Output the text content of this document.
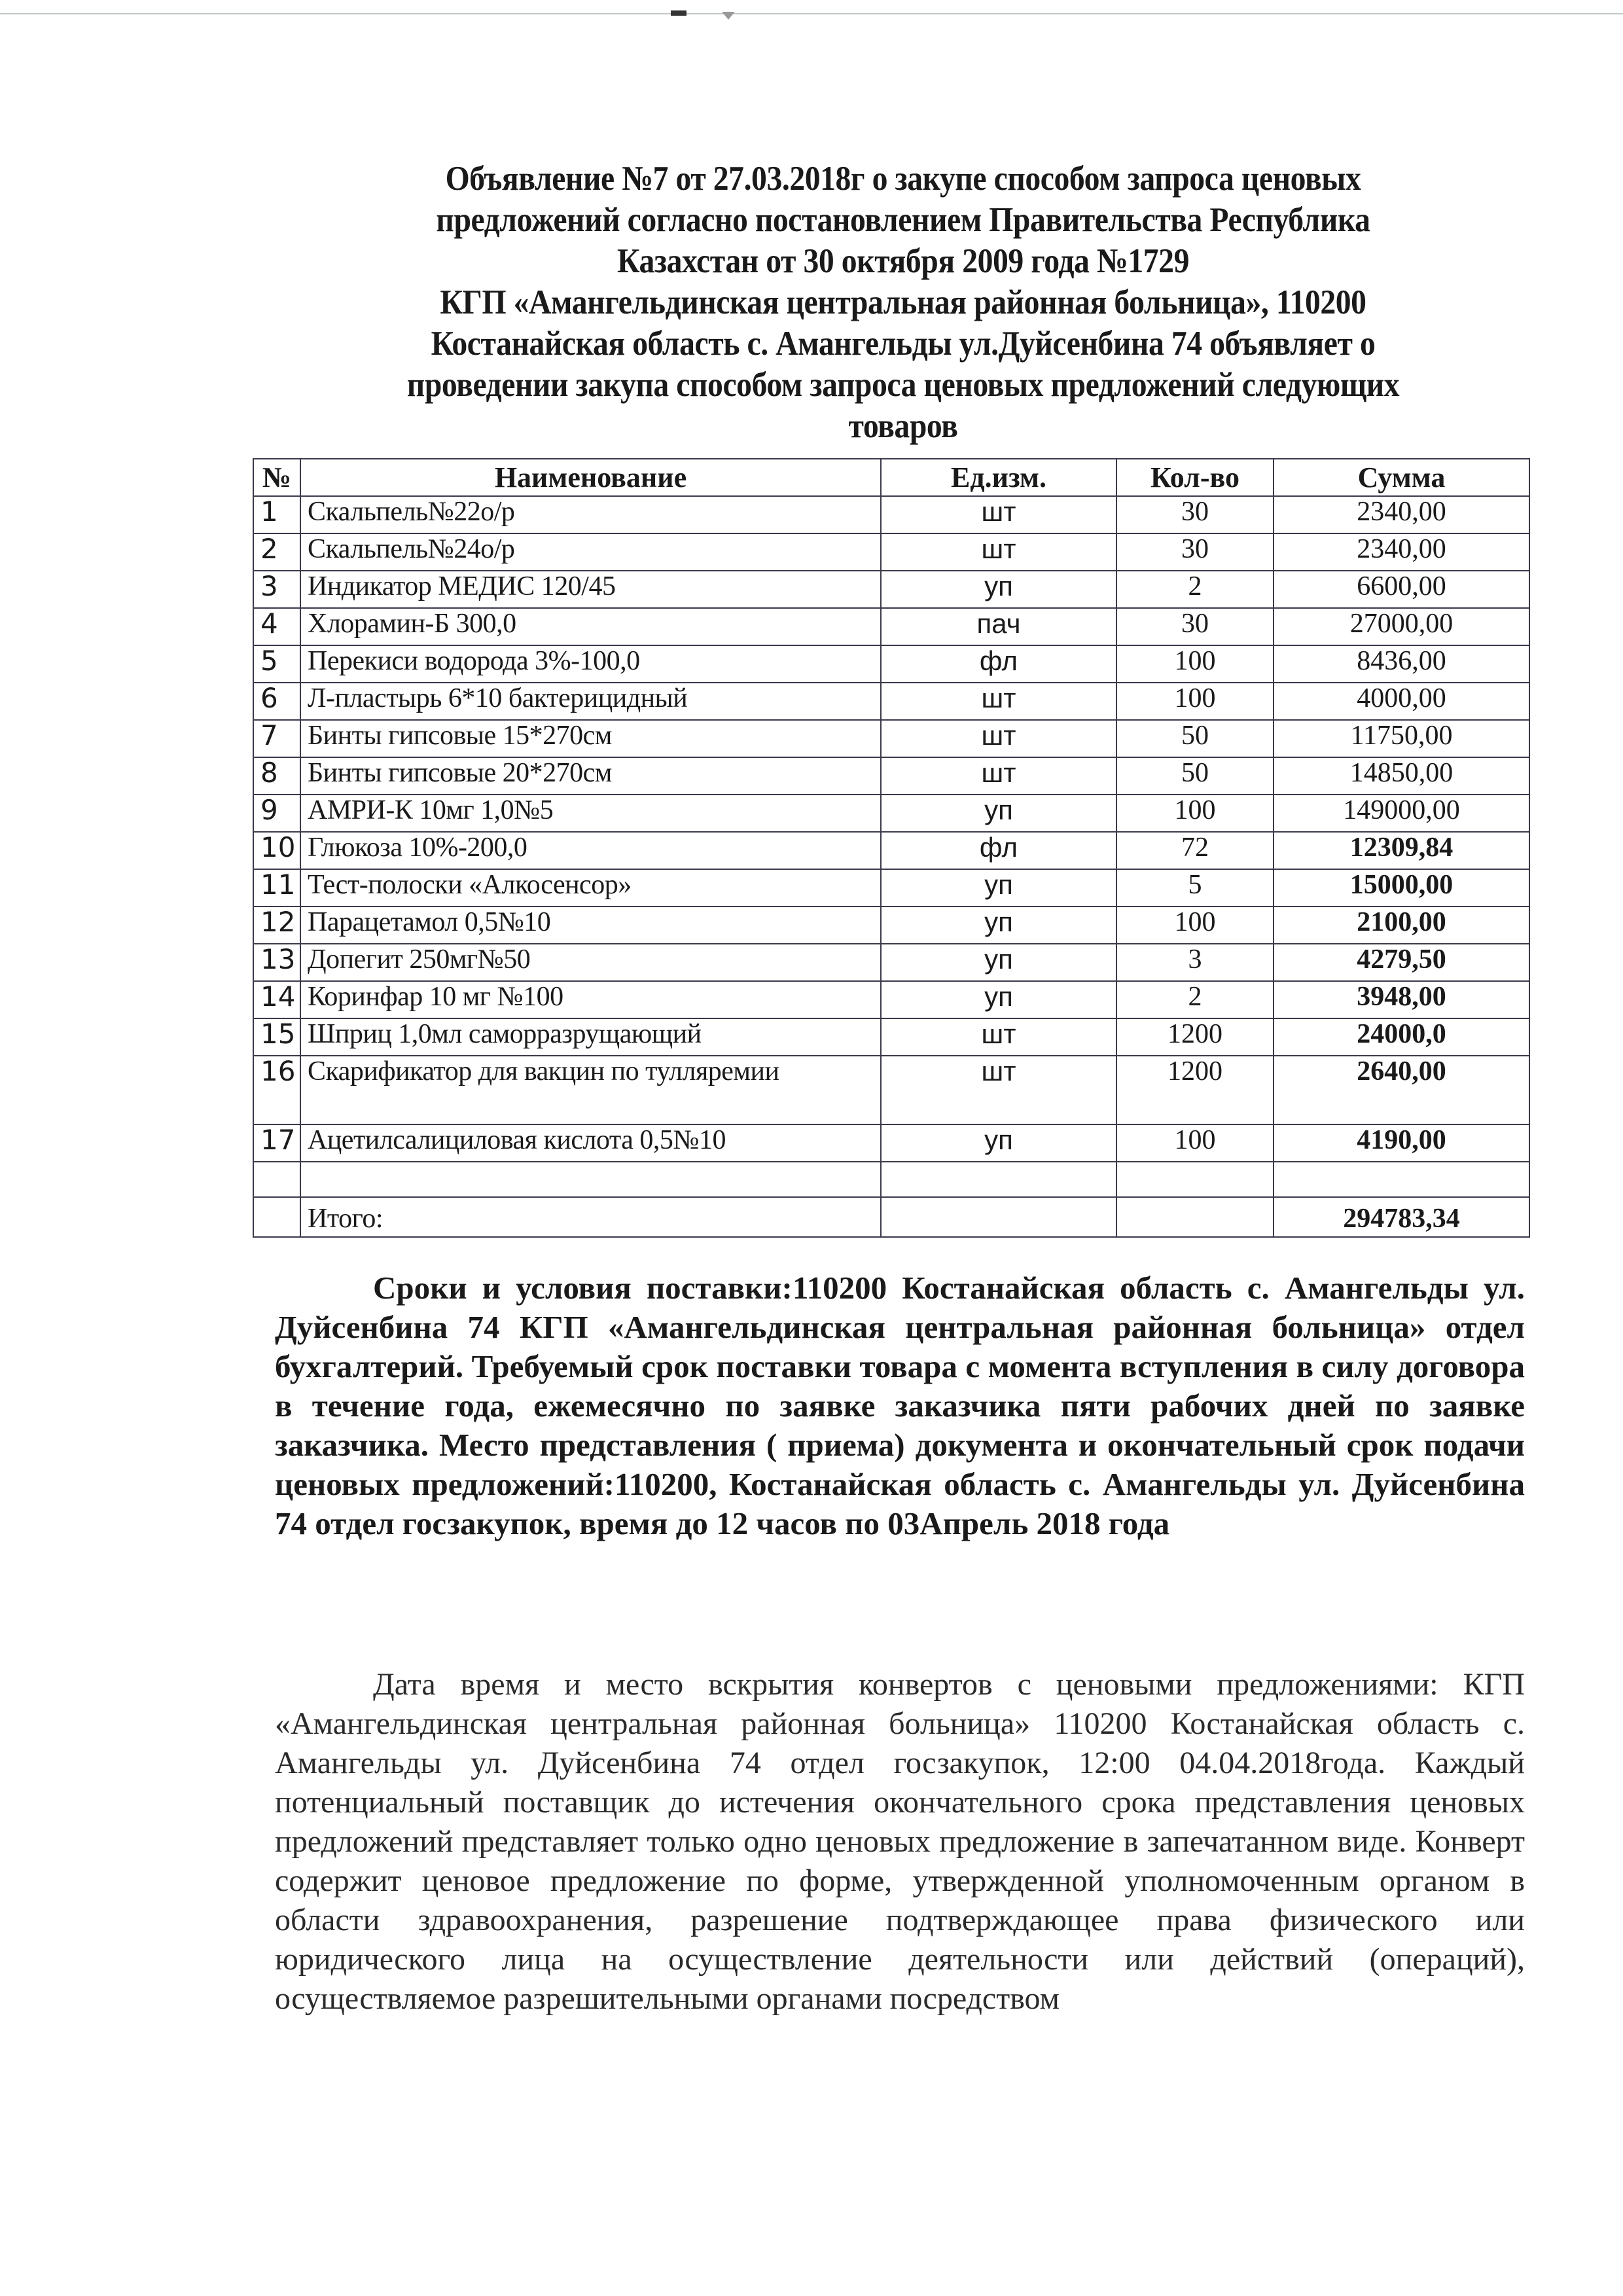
Объявление №7 от 27.03.2018г о закупе способом запроса ценовых
предложений согласно постановлением Правительства Республика
Казахстан от 30 октября 2009 года №1729
КГП «Амангельдинская центральная районная больница», 110200
Костанайская область с. Амангельды ул.Дуйсенбина 74 объявляет о
проведении закупа способом запроса ценовых предложений следующих
товаров
№	Наименование	Ед.изм.	Кол-во	Сумма
1	Скальпель№22о/р	шт	30	2340,00
2	Скальпель№24о/р	шт	30	2340,00
3	Индикатор МЕДИС 120/45	уп	2	6600,00
4	Хлорамин-Б 300,0	пач	30	27000,00
5	Перекиси водорода 3%-100,0	фл	100	8436,00
6	Л-пластырь 6*10 бактерицидный	шт	100	4000,00
7	Бинты гипсовые 15*270см	шт	50	11750,00
8	Бинты гипсовые 20*270см	шт	50	14850,00
9	АМРИ-К 10мг 1,0№5	уп	100	149000,00
10	Глюкоза 10%-200,0	фл	72	12309,84
11	Тест-полоски «Алкосенсор»	уп	5	15000,00
12	Парацетамол 0,5№10	уп	100	2100,00
13	Допегит 250мг№50	уп	3	4279,50
14	Коринфар 10 мг №100	уп	2	3948,00
15	Шприц 1,0мл саморразрущающий	шт	1200	24000,0
16	Скарификатор для вакцин по тулляремии	шт	1200	2640,00
17	Ацетилсалициловая кислота 0,5№10	уп	100	4190,00

	Итого:			294783,34
Сроки и условия поставки:110200 Костанайская область с. Амангельды ул. Дуйсенбина 74 КГП «Амангельдинская центральная районная больница» отдел бухгалтерий. Требуемый срок поставки товара с момента вступления в силу договора в течение года, ежемесячно по заявке заказчика пяти рабочих дней по заявке заказчика. Место представления ( приема) документа и окончательный срок подачи ценовых предложений:110200, Костанайская область с. Амангельды ул. Дуйсенбина 74 отдел госзакупок, время до 12 часов по 03Апрель 2018 года
Дата время и место вскрытия конвертов с ценовыми предложениями: КГП «Амангельдинская центральная районная больница» 110200 Костанайская область с. Амангельды ул. Дуйсенбина 74 отдел госзакупок, 12:00 04.04.2018года. Каждый потенциальный поставщик до истечения окончательного срока представления ценовых предложений представляет только одно ценовых предложение в запечатанном виде. Конверт содержит ценовое предложение по форме, утвержденной уполномоченным органом в области здравоохранения, разрешение подтверждающее права физического или юридического лица на осуществление деятельности или действий (операций), осуществляемое разрешительными органами посредством
